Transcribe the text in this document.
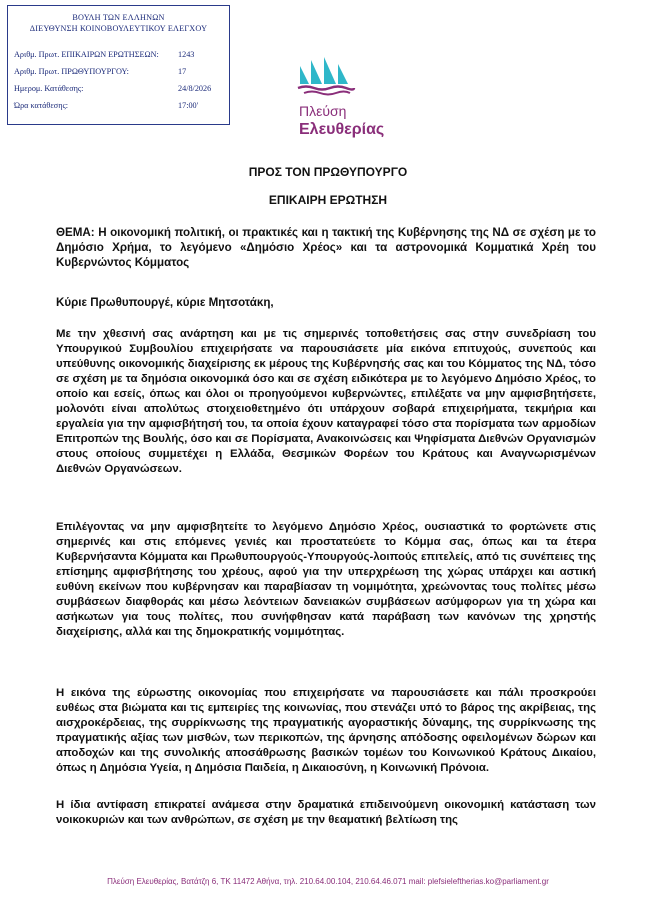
ΒΟΥΛΗ ΤΩΝ ΕΛΛΗΝΩΝ
ΔΙΕΥΘΥΝΣΗ ΚΟΙΝΟΒΟΥΛΕΥΤΙΚΟΥ ΕΛΕΓΧΟΥ
Αριθμ. Πρωτ. ΕΠΙΚΑΙΡΩΝ ΕΡΩΤΗΣΕΩΝ: 1243
Αριθμ. Πρωτ. ΠΡΩΘΥΠΟΥΡΓΟΥ:	17
Ημερομ. Κατάθεσης:	24/8/2026
Ώρα κατάθεσης:	17:00'	Πλεύση
Ελευθερίας
ΠΡΟΣ ΤΟΝ ΠΡΩΘΥΠΟΥΡΓΟ
ΕΠΙΚΑΙΡΗ ΕΡΩΤΗΣΗ
ΘΕΜΑ: Η οικονομική πολιτική, οι πρακτικές και η τακτική της Κυβέρνησης της ΝΔ σε σχέση με το Δημόσιο Χρήμα, το λεγόμενο «Δημόσιο Χρέος» και τα αστρονομικά Κομματικά Χρέη του Κυβερνώντος Κόμματος
Κύριε Πρωθυπουργέ, κύριε Μητσοτάκη,
Με την χθεσινή σας ανάρτηση και με τις σημερινές τοποθετήσεις σας στην συνεδρίαση του Υπουργικού Συμβουλίου επιχειρήσατε να παρουσιάσετε μία εικόνα επιτυχούς, συνεπούς και υπεύθυνης οικονομικής διαχείρισης εκ μέρους της Κυβέρνησής σας και του Κόμματος της ΝΔ, τόσο σε σχέση με τα δημόσια οικονομικά όσο και σε σχέση ειδικότερα με το λεγόμενο Δημόσιο Χρέος, το οποίο και εσείς, όπως και όλοι οι προηγούμενοι κυβερνώντες, επιλέξατε να μην αμφισβητήσετε, μολονότι είναι απολύτως στοιχειοθετημένο ότι υπάρχουν σοβαρά επιχειρήματα, τεκμήρια και εργαλεία για την αμφισβήτησή του, τα οποία έχουν καταγραφεί τόσο στα πορίσματα των αρμοδίων Επιτροπών της Βουλής, όσο και σε Πορίσματα, Ανακοινώσεις και Ψηφίσματα Διεθνών Οργανισμών στους οποίους συμμετέχει η Ελλάδα, Θεσμικών Φορέων του Κράτους και Αναγνωρισμένων Διεθνών Οργανώσεων.
Επιλέγοντας να μην αμφισβητείτε το λεγόμενο Δημόσιο Χρέος, ουσιαστικά το φορτώνετε στις σημερινές και στις επόμενες γενιές και προστατεύετε το Κόμμα σας, όπως και τα έτερα Κυβερνήσαντα Κόμματα και Πρωθυπουργούς-Υπουργούς-λοιπούς επιτελείς, από τις συνέπειες της επίσημης αμφισβήτησης του χρέους, αφού για την υπερχρέωση της χώρας υπάρχει και αστική ευθύνη εκείνων που κυβέρνησαν και παραβίασαν τη νομιμότητα, χρεώνοντας τους πολίτες μέσω συμβάσεων διαφθοράς και μέσω λεόντειων δανειακών συμβάσεων ασύμφορων για τη χώρα και ασήκωτων για τους πολίτες, που συνήφθησαν κατά παράβαση των κανόνων της χρηστής διαχείρισης, αλλά και της δημοκρατικής νομιμότητας.
Η εικόνα της εύρωστης οικονομίας που επιχειρήσατε να παρουσιάσετε και πάλι προσκρούει ευθέως στα βιώματα και τις εμπειρίες της κοινωνίας, που στενάζει υπό το βάρος της ακρίβειας, της αισχροκέρδειας, της συρρίκνωσης της πραγματικής αγοραστικής δύναμης, της συρρίκνωσης της πραγματικής αξίας των μισθών, των περικοπών, της άρνησης απόδοσης οφειλομένων δώρων και αποδοχών και της συνολικής αποσάθρωσης βασικών τομέων του Κοινωνικού Κράτους Δικαίου, όπως η Δημόσια Υγεία, η Δημόσια Παιδεία, η Δικαιοσύνη, η Κοινωνική Πρόνοια.
Η ίδια αντίφαση επικρατεί ανάμεσα στην δραματικά επιδεινούμενη οικονομική κατάσταση των νοικοκυριών και των ανθρώπων, σε σχέση με την θεαματική βελτίωση της
Πλεύση Ελευθερίας, Βατάτζη 6, ΤΚ 11472 Αθήνα, τηλ. 210.64.00.104, 210.64.46.071 mail: plefsieleftherias.ko@parliament.gr
